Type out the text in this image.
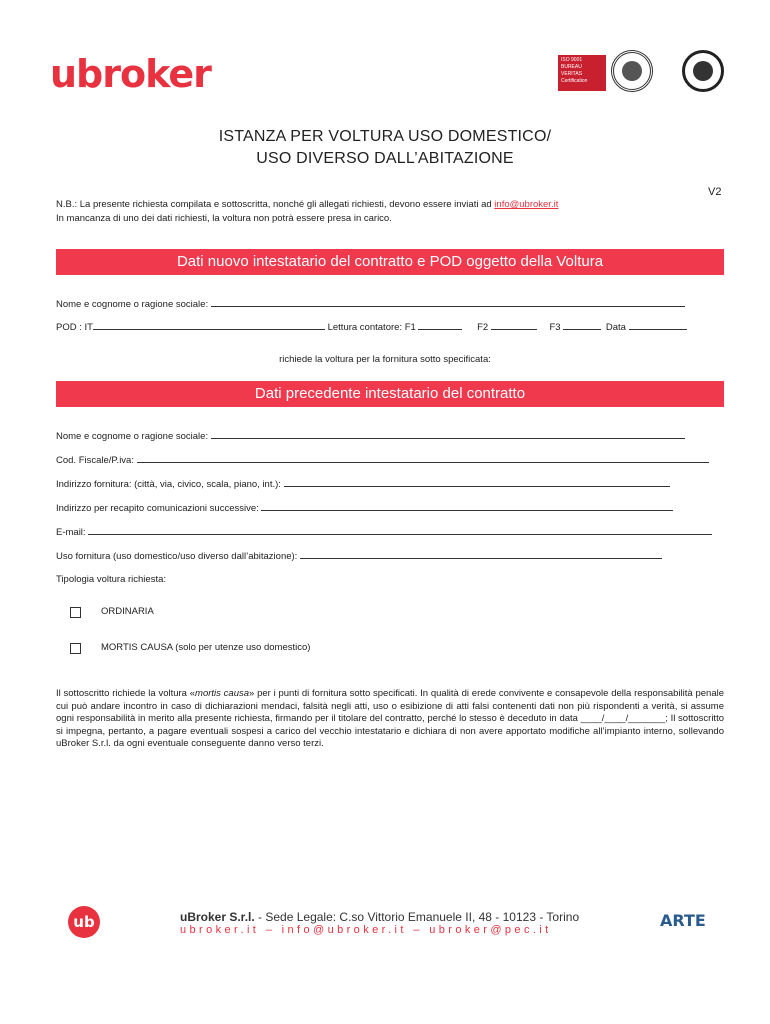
ubroker	ISO 9001
BUREAU VERITAS
Certification
ISTANZA PER VOLTURA USO DOMESTICO/
USO DIVERSO DALL’ABITAZIONE
V2
N.B.: La presente richiesta compilata e sottoscritta, nonché gli allegati richiesti, devono essere inviati ad info@ubroker.it
In mancanza di uno dei dati richiesti, la voltura non potrà essere presa in carico.
Dati nuovo intestatario del contratto e POD oggetto della Voltura
Nome e cognome o ragione sociale:
POD : IT	Lettura contatore: F1	F2	F3	Data
richiede la voltura per la fornitura sotto specificata:
Dati precedente intestatario del contratto
Nome e cognome o ragione sociale:
Cod. Fiscale/P.iva:
Indirizzo fornitura: (città, via, civico, scala, piano, int.):
Indirizzo per recapito comunicazioni successive:
E-mail:
Uso fornitura (uso domestico/uso diverso dall’abitazione):
Tipologia voltura richiesta:
ORDINARIA
MORTIS CAUSA (solo per utenze uso domestico)
Il sottoscritto richiede la voltura «mortis causa» per i punti di fornitura sotto specificati. In qualità di erede convivente e consapevole della responsabilità penale cui può andare incontro in caso di dichiarazioni mendaci, falsità negli atti, uso o esibizione di atti falsi contenenti dati non più rispondenti a verità, si assume ogni responsabilità in merito alla presente richiesta, firmando per il titolare del contratto, perché lo stesso è deceduto in data ____/____/_______; Il sottoscritto si impegna, pertanto, a pagare eventuali sospesi a carico del vecchio intestatario e dichiara di non avere apportato modifiche all’impianto interno, sollevando uBroker S.r.l. da ogni eventuale conseguente danno verso terzi.
ub	uBroker S.r.l. - Sede Legale: C.so Vittorio Emanuele II, 48 - 10123 - Torino
ubroker.it – info@ubroker.it – ubroker@pec.it	ARTE
